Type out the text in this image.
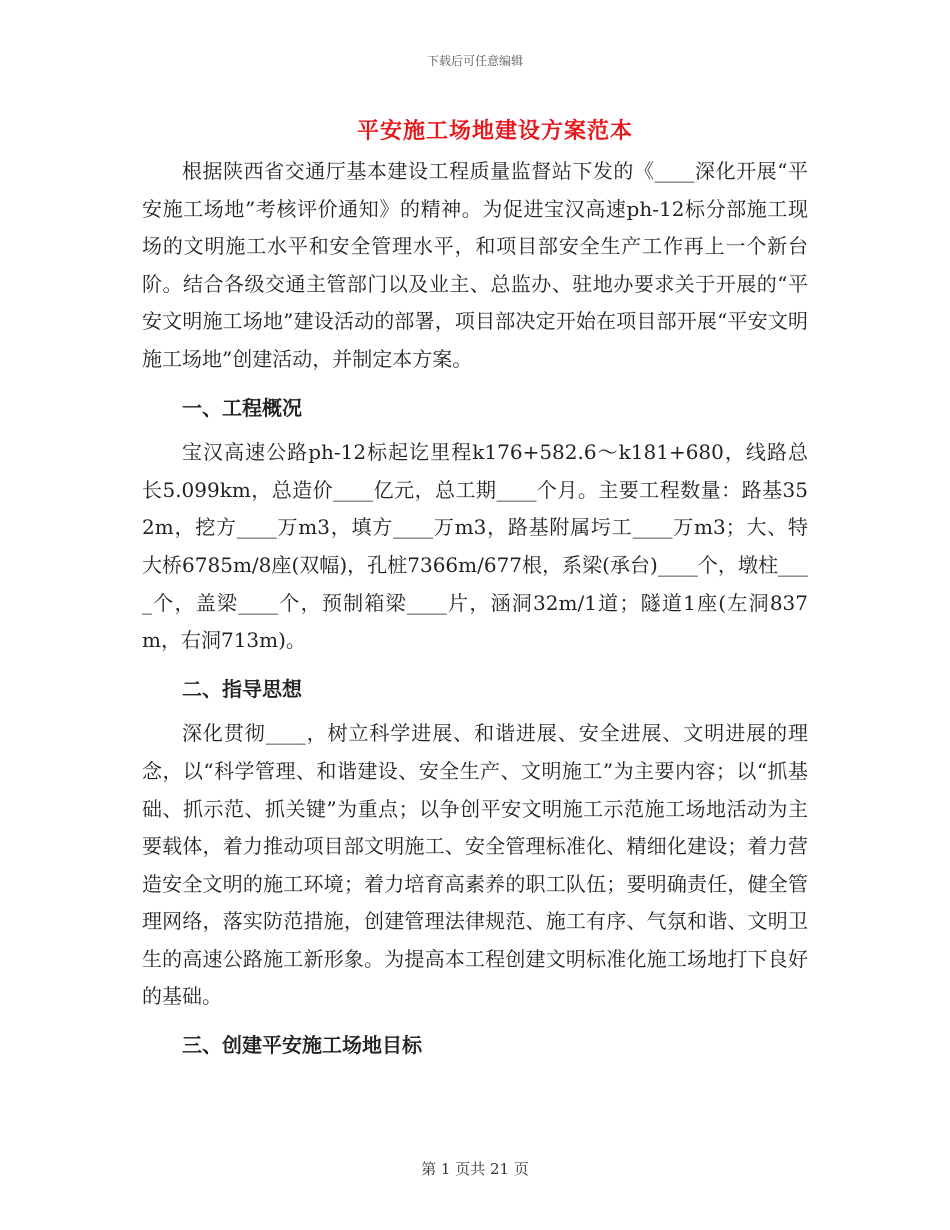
下载后可任意编辑
平安施工场地建设方案范本

根据陕西省交通厅基本建设工程质量监督站下发的《____深化开展“平安施工场地”考核评价通知》的精神。为促进宝汉高速ph-12标分部施工现场的文明施工水平和安全管理水平，和项目部安全生产工作再上一个新台阶。结合各级交通主管部门以及业主、总监办、驻地办要求关于开展的“平安文明施工场地”建设活动的部署，项目部决定开始在项目部开展“平安文明施工场地”创建活动，并制定本方案。

一、工程概况

宝汉高速公路ph-12标起讫里程k176+582.6～k181+680，线路总长5.099km，总造价____亿元，总工期____个月。主要工程数量：路基352m，挖方____万m3，填方____万m3，路基附属圬工____万m3；大、特大桥6785m/8座(双幅)，孔桩7366m/677根，系梁(承台)____个，墩柱____个，盖梁____个，预制箱梁____片，涵洞32m/1道；隧道1座(左洞837m，右洞713m)。

二、指导思想

深化贯彻____，树立科学进展、和谐进展、安全进展、文明进展的理念，以“科学管理、和谐建设、安全生产、文明施工”为主要内容；以“抓基础、抓示范、抓关键”为重点；以争创平安文明施工示范施工场地活动为主要载体，着力推动项目部文明施工、安全管理标准化、精细化建设；着力营造安全文明的施工环境；着力培育高素养的职工队伍；要明确责任，健全管理网络，落实防范措施，创建管理法律规范、施工有序、气氛和谐、文明卫生的高速公路施工新形象。为提高本工程创建文明标准化施工场地打下良好的基础。

三、创建平安施工场地目标
第 1 页共 21 页
